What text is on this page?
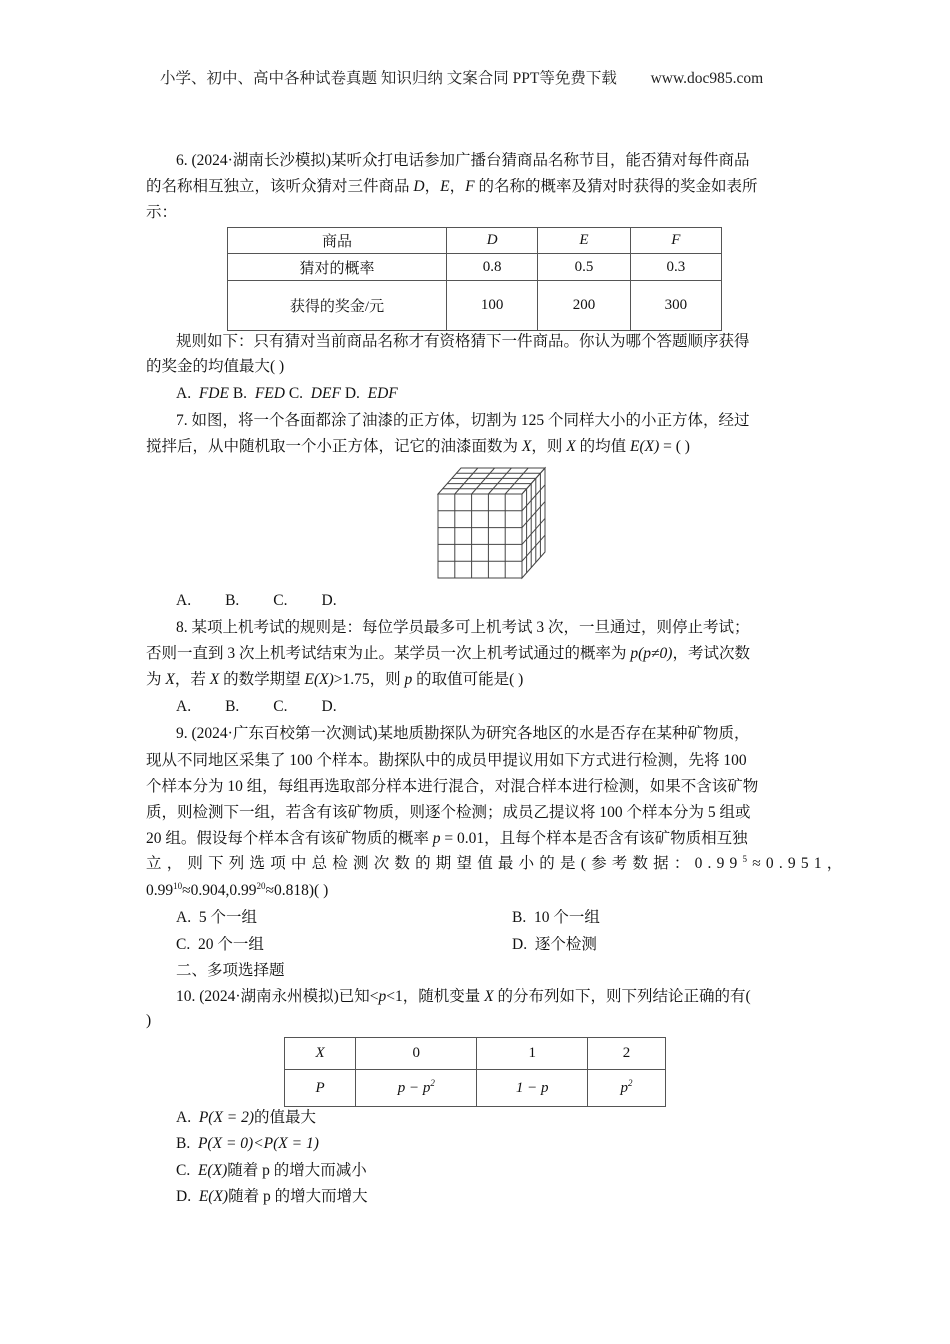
小学、初中、高中各种试卷真题 知识归纳 文案合同 PPT等免费下载 www.doc985.com
6. (2024·湖南长沙模拟)某听众打电话参加广播台猜商品名称节目，能否猜对每件商品
的名称相互独立，该听众猜对三件商品 D，E，F 的名称的概率及猜对时获得的奖金如表所
示：
商品	D	E	F
猜对的概率	0.8	0.5	0.3
获得的奖金/元	100	200	300
规则如下：只有猜对当前商品名称才有资格猜下一件商品。你认为哪个答题顺序获得
的奖金的均值最大( )
A. FDE B. FED C. DEF D. EDF
7. 如图，将一个各面都涂了油漆的正方体，切割为 125 个同样大小的小正方体，经过
搅拌后，从中随机取一个小正方体，记它的油漆面数为 X，则 X 的均值 E(X) = ( )
A. B. C. D.
8. 某项上机考试的规则是：每位学员最多可上机考试 3 次，一旦通过，则停止考试；
否则一直到 3 次上机考试结束为止。某学员一次上机考试通过的概率为 p(p≠0)，考试次数
为 X，若 X 的数学期望 E(X)>1.75，则 p 的取值可能是( )
A. B. C. D.
9. (2024·广东百校第一次测试)某地质勘探队为研究各地区的水是否存在某种矿物质，
现从不同地区采集了 100 个样本。勘探队中的成员甲提议用如下方式进行检测，先将 100
个样本分为 10 组，每组再选取部分样本进行混合，对混合样本进行检测，如果不含该矿物
质，则检测下一组，若含有该矿物质，则逐个检测；成员乙提议将 100 个样本分为 5 组或
20 组。假设每个样本含有该矿物质的概率 p = 0.01，且每个样本是否含有该矿物质相互独
立，则下列选项中总检测次数的期望值最小的是(参考数据：$0.99^5\approx 0.951$，
$0.99^{10}\approx 0.904,0.99^{20}\approx 0.818$)( )
A. 5 个一组	B. 10 个一组
C. 20 个一组	D. 逐个检测
二、多项选择题
10. (2024·湖南永州模拟)已知<p<1，随机变量 X 的分布列如下，则下列结论正确的有(
)
X	0	1	2
P	$p - p^2$	1 − p	$p^2$
A. P(X = 2)的值最大
B. P(X = 0)<P(X = 1)
C. E(X)随着 p 的增大而减小
D. E(X)随着 p 的增大而增大
